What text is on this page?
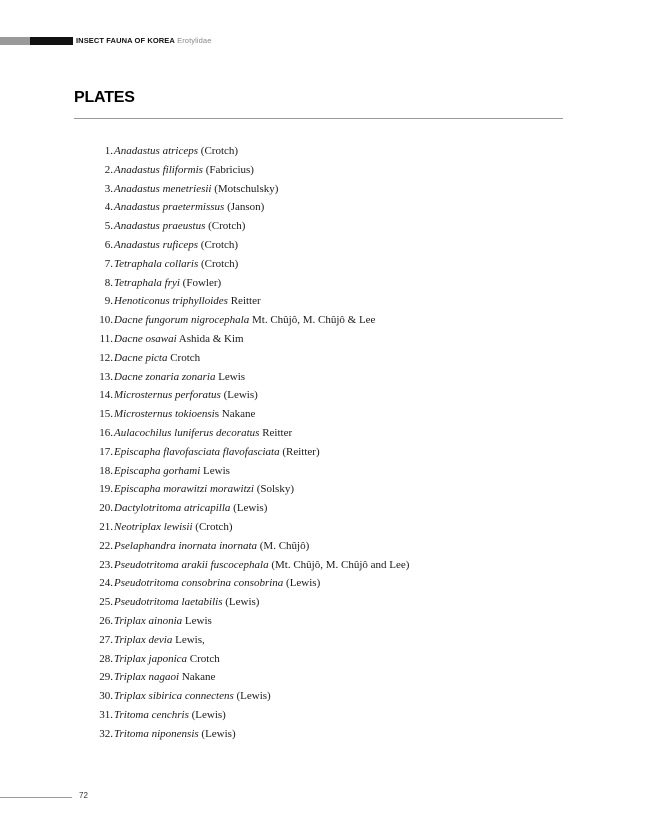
INSECT FAUNA OF KOREA Erotylidae
PLATES
1. Anadastus atriceps (Crotch)
2. Anadastus filiformis (Fabricius)
3. Anadastus menetriesii (Motschulsky)
4. Anadastus praetermissus (Janson)
5. Anadastus praeustus (Crotch)
6. Anadastus ruficeps (Crotch)
7. Tetraphala collaris (Crotch)
8. Tetraphala fryi (Fowler)
9. Henoticonus triphylloides Reitter
10. Dacne fungorum nigrocephala Mt. Chûjô, M. Chûjô & Lee
11. Dacne osawai Ashida & Kim
12. Dacne picta Crotch
13. Dacne zonaria zonaria Lewis
14. Microsternus perforatus (Lewis)
15. Microsternus tokioensis Nakane
16. Aulacochilus luniferus decoratus Reitter
17. Episcapha flavofasciata flavofasciata (Reitter)
18. Episcapha gorhami Lewis
19. Episcapha morawitzi morawitzi (Solsky)
20. Dactylotritoma atricapilla (Lewis)
21. Neotriplax lewisii (Crotch)
22. Pselaphandra inornata inornata (M. Chûjô)
23. Pseudotritoma arakii fuscocephala (Mt. Chûjô, M. Chûjô and Lee)
24. Pseudotritoma consobrina consobrina (Lewis)
25. Pseudotritoma laetabilis (Lewis)
26. Triplax ainonia Lewis
27. Triplax devia Lewis,
28. Triplax japonica Crotch
29. Triplax nagaoi Nakane
30. Triplax sibirica connectens (Lewis)
31. Tritoma cenchris (Lewis)
32. Tritoma niponensis (Lewis)
72
